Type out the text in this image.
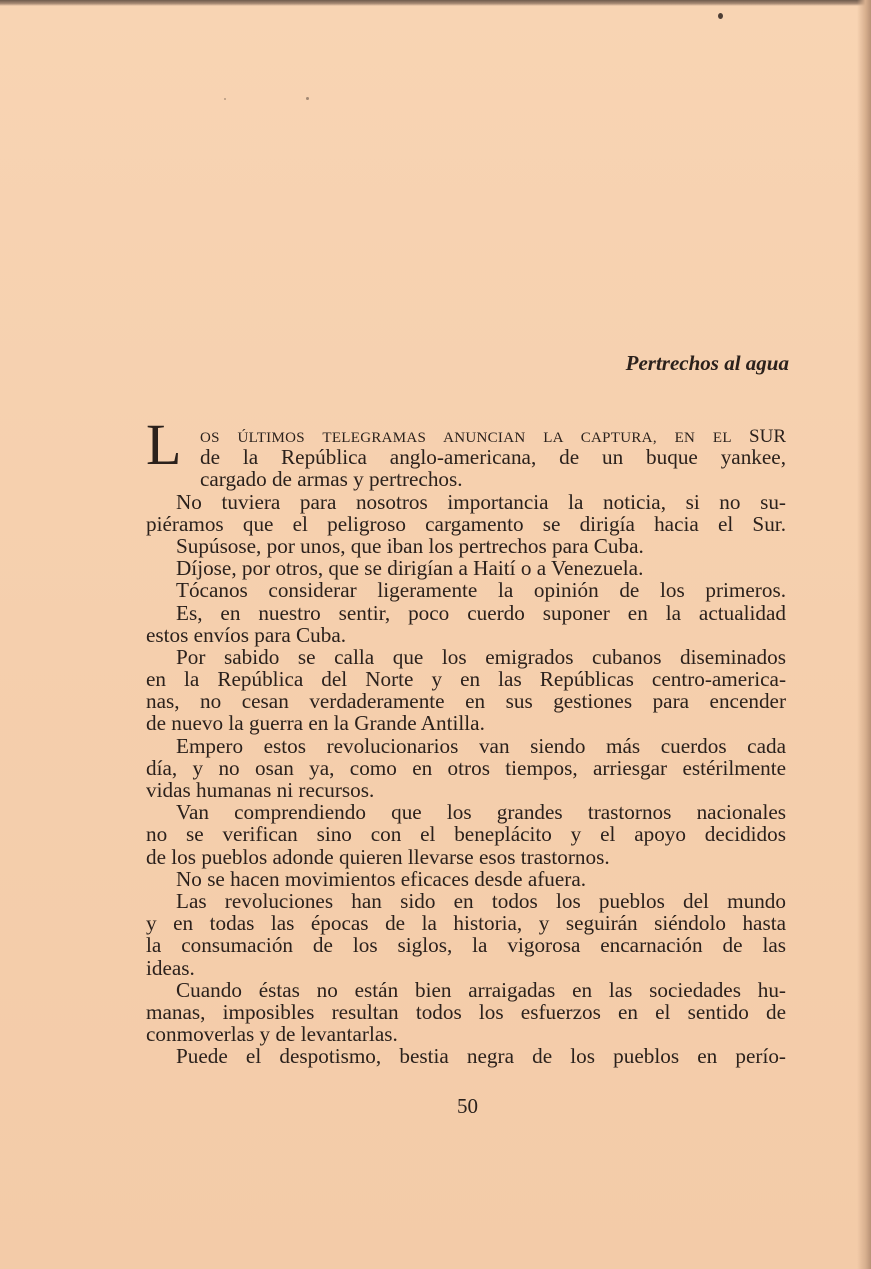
Pertrechos al agua
L OS ÚLTIMOS TELEGRAMAS ANUNCIAN LA CAPTURA, EN EL SUR
de la República anglo-americana, de un buque yankee,
cargado de armas y pertrechos.
No tuviera para nosotros importancia la noticia, si no su-
piéramos que el peligroso cargamento se dirigía hacia el Sur.
Supúsose, por unos, que iban los pertrechos para Cuba.
Díjose, por otros, que se dirigían a Haití o a Venezuela.
Tócanos considerar ligeramente la opinión de los primeros.
Es, en nuestro sentir, poco cuerdo suponer en la actualidad
estos envíos para Cuba.
Por sabido se calla que los emigrados cubanos diseminados
en la República del Norte y en las Repúblicas centro-america-
nas, no cesan verdaderamente en sus gestiones para encender
de nuevo la guerra en la Grande Antilla.
Empero estos revolucionarios van siendo más cuerdos cada
día, y no osan ya, como en otros tiempos, arriesgar estérilmente
vidas humanas ni recursos.
Van comprendiendo que los grandes trastornos nacionales
no se verifican sino con el beneplácito y el apoyo decididos
de los pueblos adonde quieren llevarse esos trastornos.
No se hacen movimientos eficaces desde afuera.
Las revoluciones han sido en todos los pueblos del mundo
y en todas las épocas de la historia, y seguirán siéndolo hasta
la consumación de los siglos, la vigorosa encarnación de las
ideas.
Cuando éstas no están bien arraigadas en las sociedades hu-
manas, imposibles resultan todos los esfuerzos en el sentido de
conmoverlas y de levantarlas.
Puede el despotismo, bestia negra de los pueblos en perío-
50
